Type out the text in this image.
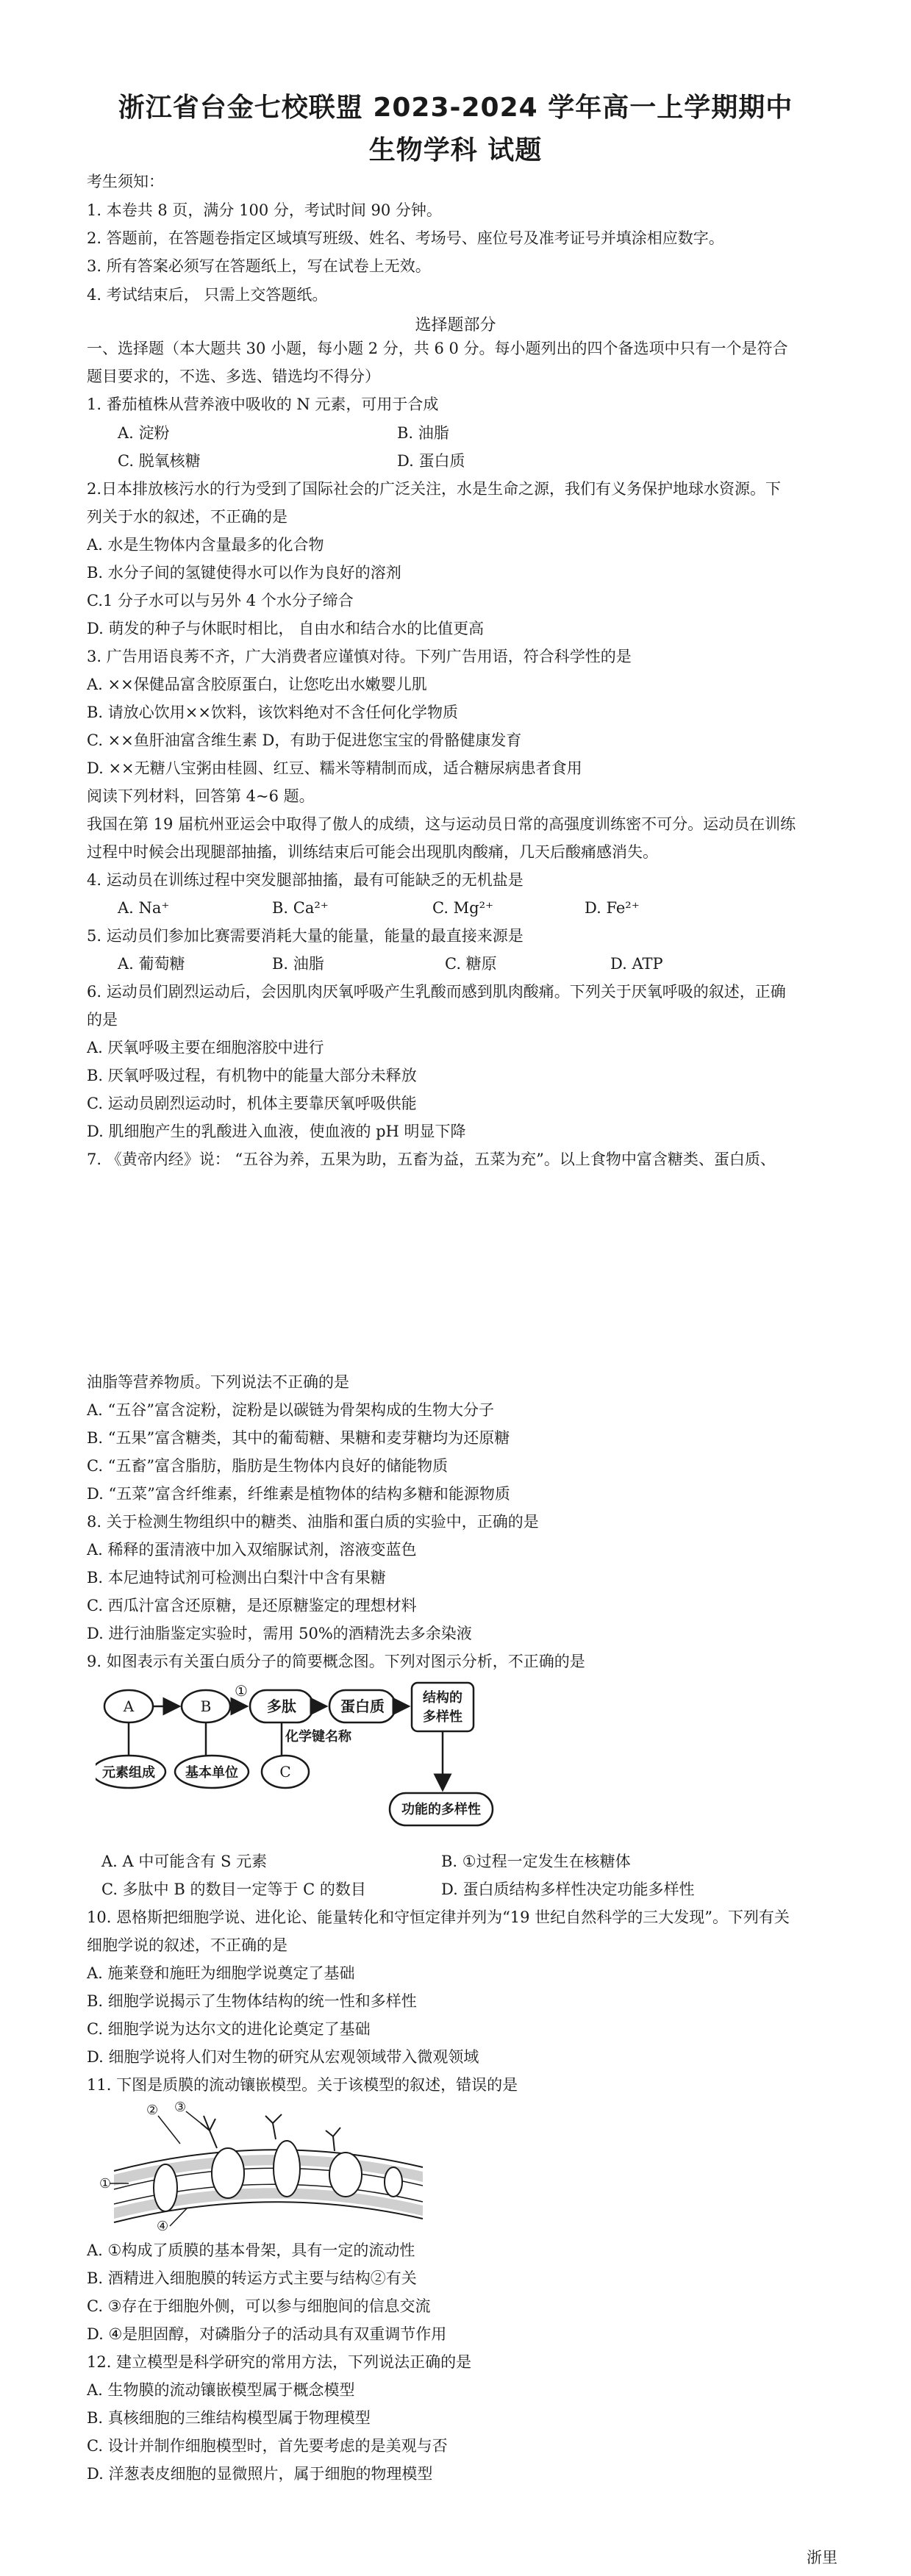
浙江省台金七校联盟 2023-2024 学年高一上学期期中
生物学科 试题
考生须知：
1. 本卷共 8 页，满分 100 分，考试时间 90 分钟。
2. 答题前，在答题卷指定区域填写班级、姓名、考场号、座位号及准考证号并填涂相应数字。
3. 所有答案必须写在答题纸上，写在试卷上无效。
4. 考试结束后， 只需上交答题纸。
选择题部分
一、选择题（本大题共 30 小题，每小题 2 分，共 6 0 分。每小题列出的四个备选项中只有一个是符合
题目要求的，不选、多选、错选均不得分）
1. 番茄植株从营养液中吸收的 N 元素，可用于合成
A. 淀粉	B. 油脂
C. 脱氧核糖	D. 蛋白质
2.日本排放核污水的行为受到了国际社会的广泛关注，水是生命之源，我们有义务保护地球水资源。下
列关于水的叙述，不正确的是
A. 水是生物体内含量最多的化合物
B. 水分子间的氢键使得水可以作为良好的溶剂
C.1 分子水可以与另外 4 个水分子缔合
D. 萌发的种子与休眠时相比， 自由水和结合水的比值更高
3. 广告用语良莠不齐，广大消费者应谨慎对待。下列广告用语，符合科学性的是
A. ××保健品富含胶原蛋白，让您吃出水嫩婴儿肌
B. 请放心饮用××饮料，该饮料绝对不含任何化学物质
C. ××鱼肝油富含维生素 D，有助于促进您宝宝的骨骼健康发育
D. ××无糖八宝粥由桂圆、红豆、糯米等精制而成，适合糖尿病患者食用
阅读下列材料，回答第 4~6 题。
我国在第 19 届杭州亚运会中取得了傲人的成绩，这与运动员日常的高强度训练密不可分。运动员在训练
过程中时候会出现腿部抽搐，训练结束后可能会出现肌肉酸痛，几天后酸痛感消失。
4. 运动员在训练过程中突发腿部抽搐，最有可能缺乏的无机盐是
A. Na⁺	B. Ca²⁺	C. Mg²⁺	D. Fe²⁺
5. 运动员们参加比赛需要消耗大量的能量，能量的最直接来源是
A. 葡萄糖	B. 油脂	C. 糖原	D. ATP
6. 运动员们剧烈运动后，会因肌肉厌氧呼吸产生乳酸而感到肌肉酸痛。下列关于厌氧呼吸的叙述，正确
的是
A. 厌氧呼吸主要在细胞溶胶中进行
B. 厌氧呼吸过程，有机物中的能量大部分未释放
C. 运动员剧烈运动时，机体主要靠厌氧呼吸供能
D. 肌细胞产生的乳酸进入血液，使血液的 pH 明显下降
7. 《黄帝内经》说： “五谷为养，五果为助，五畜为益，五菜为充”。以上食物中富含糖类、蛋白质、
油脂等营养物质。下列说法不正确的是
A. “五谷”富含淀粉，淀粉是以碳链为骨架构成的生物大分子
B. “五果”富含糖类，其中的葡萄糖、果糖和麦芽糖均为还原糖
C. “五畜”富含脂肪，脂肪是生物体内良好的储能物质
D. “五菜”富含纤维素，纤维素是植物体的结构多糖和能源物质
8. 关于检测生物组织中的糖类、油脂和蛋白质的实验中，正确的是
A. 稀释的蛋清液中加入双缩脲试剂，溶液变蓝色
B. 本尼迪特试剂可检测出白梨汁中含有果糖
C. 西瓜汁富含还原糖，是还原糖鉴定的理想材料
D. 进行油脂鉴定实验时，需用 50%的酒精洗去多余染液
9. 如图表示有关蛋白质分子的简要概念图。下列对图示分析，不正确的是
A	B
①
多肽	蛋白质	结构的
多样性
化学键名称
元素组成 基本单位	C
功能的多样性
A. A 中可能含有 S 元素	B. ①过程一定发生在核糖体
C. 多肽中 B 的数目一定等于 C 的数目	D. 蛋白质结构多样性决定功能多样性
10. 恩格斯把细胞学说、进化论、能量转化和守恒定律并列为“19 世纪自然科学的三大发现”。下列有关
细胞学说的叙述，不正确的是
A. 施莱登和施旺为细胞学说奠定了基础
B. 细胞学说揭示了生物体结构的统一性和多样性
C. 细胞学说为达尔文的进化论奠定了基础
D. 细胞学说将人们对生物的研究从宏观领域带入微观领域
11. 下图是质膜的流动镶嵌模型。关于该模型的叙述，错误的是
①
② ③
④
A. ①构成了质膜的基本骨架，具有一定的流动性
B. 酒精进入细胞膜的转运方式主要与结构②有关
C. ③存在于细胞外侧，可以参与细胞间的信息交流
D. ④是胆固醇，对磷脂分子的活动具有双重调节作用
12. 建立模型是科学研究的常用方法，下列说法正确的是
A. 生物膜的流动镶嵌模型属于概念模型
B. 真核细胞的三维结构模型属于物理模型
C. 设计并制作细胞模型时，首先要考虑的是美观与否
D. 洋葱表皮细胞的显微照片，属于细胞的物理模型
浙里
